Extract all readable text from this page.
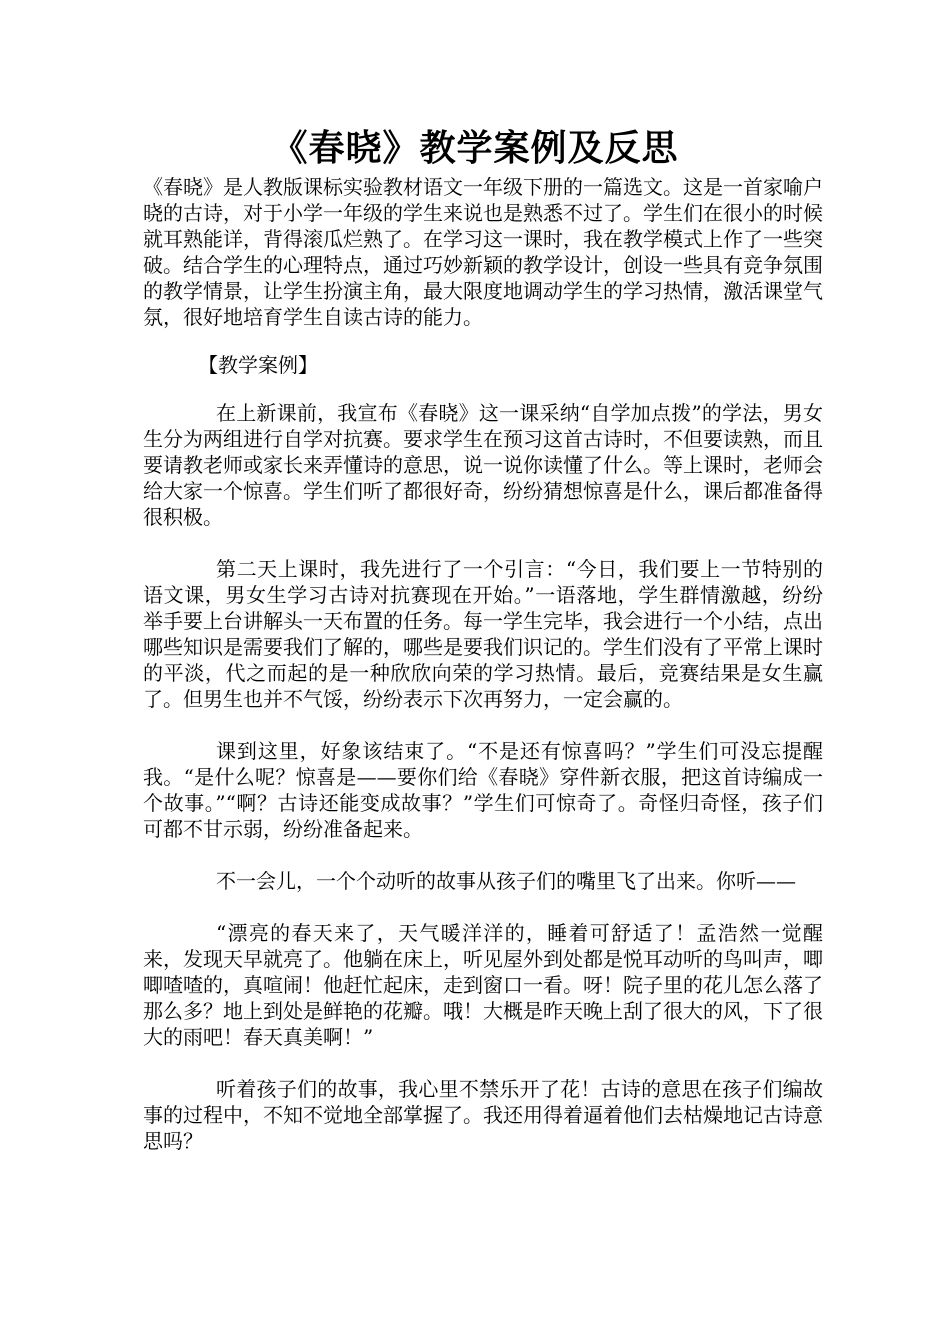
《春晓》教学案例及反思

《春晓》是人教版课标实验教材语文一年级下册的一篇选文。这是一首家喻户晓的古诗，对于小学一年级的学生来说也是熟悉不过了。学生们在很小的时候就耳熟能详，背得滚瓜烂熟了。在学习这一课时，我在教学模式上作了一些突破。结合学生的心理特点，通过巧妙新颖的教学设计，创设一些具有竞争氛围的教学情景，让学生扮演主角，最大限度地调动学生的学习热情，激活课堂气氛，很好地培育学生自读古诗的能力。

【教学案例】

在上新课前，我宣布《春晓》这一课采纳“自学加点拨”的学法，男女生分为两组进行自学对抗赛。要求学生在预习这首古诗时，不但要读熟，而且要请教老师或家长来弄懂诗的意思，说一说你读懂了什么。等上课时，老师会给大家一个惊喜。学生们听了都很好奇，纷纷猜想惊喜是什么，课后都准备得很积极。

第二天上课时，我先进行了一个引言：“今日，我们要上一节特别的语文课，男女生学习古诗对抗赛现在开始。”一语落地，学生群情激越，纷纷举手要上台讲解头一天布置的任务。每一学生完毕，我会进行一个小结，点出哪些知识是需要我们了解的，哪些是要我们识记的。学生们没有了平常上课时的平淡，代之而起的是一种欣欣向荣的学习热情。最后，竞赛结果是女生赢了。但男生也并不气馁，纷纷表示下次再努力，一定会赢的。

课到这里，好象该结束了。“不是还有惊喜吗？”学生们可没忘提醒我。“是什么呢？惊喜是——要你们给《春晓》穿件新衣服，把这首诗编成一个故事。”“啊？古诗还能变成故事？”学生们可惊奇了。奇怪归奇怪，孩子们可都不甘示弱，纷纷准备起来。

不一会儿，一个个动听的故事从孩子们的嘴里飞了出来。你听——

“漂亮的春天来了，天气暖洋洋的，睡着可舒适了！孟浩然一觉醒来，发现天早就亮了。他躺在床上，听见屋外到处都是悦耳动听的鸟叫声，唧唧喳喳的，真喧闹！他赶忙起床，走到窗口一看。呀！院子里的花儿怎么落了那么多？地上到处是鲜艳的花瓣。哦！大概是昨天晚上刮了很大的风，下了很大的雨吧！春天真美啊！”

听着孩子们的故事，我心里不禁乐开了花！古诗的意思在孩子们编故事的过程中，不知不觉地全部掌握了。我还用得着逼着他们去枯燥地记古诗意思吗？
